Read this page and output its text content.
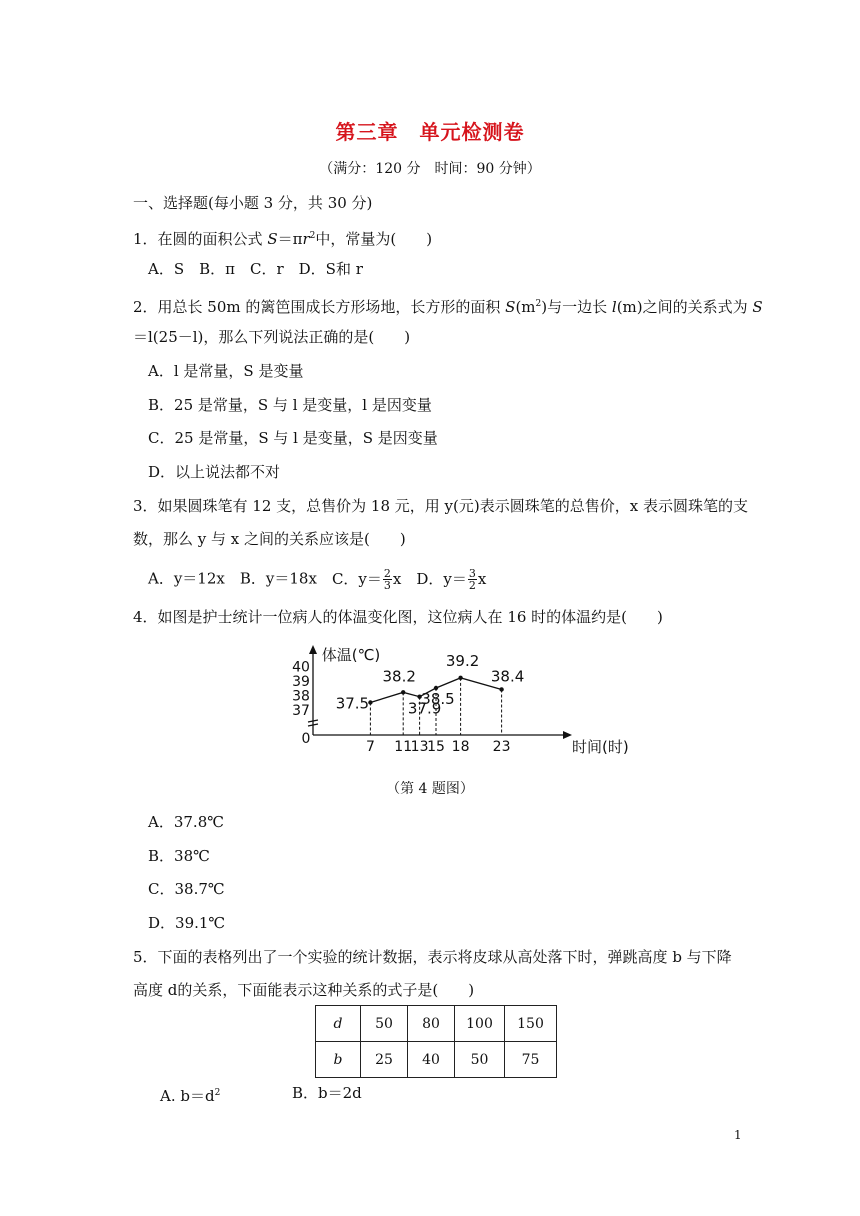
第三章　单元检测卷
（满分：120 分　时间：90 分钟）
一、选择题(每小题 3 分，共 30 分)
1．在圆的面积公式 $S=\pi r^2$中，常量为(　　)
A．S　B．π　C．r　D．S和 r
2．用总长 50m 的篱笆围成长方形场地，长方形的面积 $S(m^2)$与一边长 l(m)之间的关系式为 S
＝l(25－l)，那么下列说法正确的是(　　)
A．l 是常量，S 是变量
B．25 是常量，S 与 l 是变量，l 是因变量
C．25 是常量，S 与 l 是变量，S 是因变量
D．以上说法都不对
3．如果圆珠笔有 12 支，总售价为 18 元，用 y(元)表示圆珠笔的总售价，x 表示圆珠笔的支
数，那么 y 与 x 之间的关系应该是(　　)
A．y＝12x　 B．y＝18x　 C．$y= \frac{2}{3}$ x　 D．$y= \frac{3}{2}$ x
4．如图是护士统计一位病人的体温变化图，这位病人在 16 时的体温约是(　　)
体温(℃)
时间(时)
0
37
38
39
40
7 11
13
15 18 23
37.5
38.2
37.9
38.5
39.2
38.4
（第 4 题图）
A．37.8℃
B．38℃
C．38.7℃
D．39.1℃
5．下面的表格列出了一个实验的统计数据，表示将皮球从高处落下时，弹跳高度 b 与下降
高度 d的关系，下面能表示这种关系的式子是(　　)
d	50	80	100	150
b	25	40	50	75
A. $b=d^2$	B．b＝2d
1
